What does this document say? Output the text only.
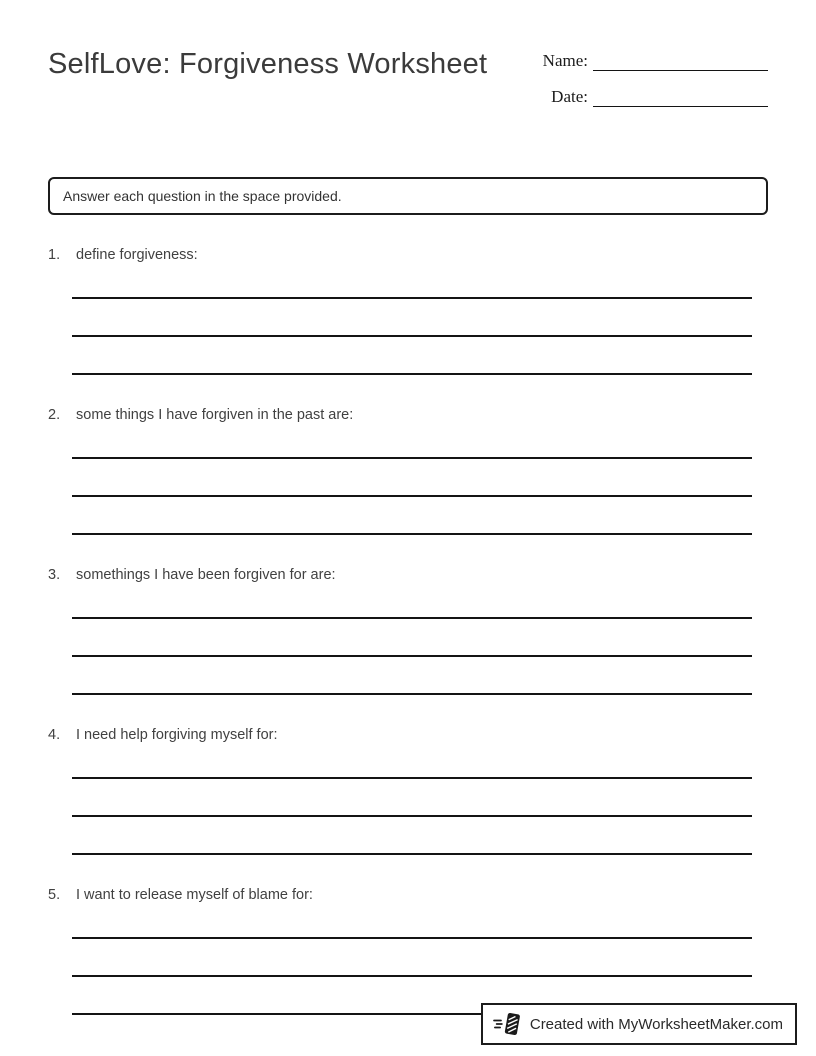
SelfLove: Forgiveness Worksheet	Name:
Date:
Answer each question in the space provided.
1.	define forgiveness:
2.	some things I have forgiven in the past are:
3.	somethings I have been forgiven for are:
4.	I need help forgiving myself for:
5.	I want to release myself of blame for:
Created with MyWorksheetMaker.com
